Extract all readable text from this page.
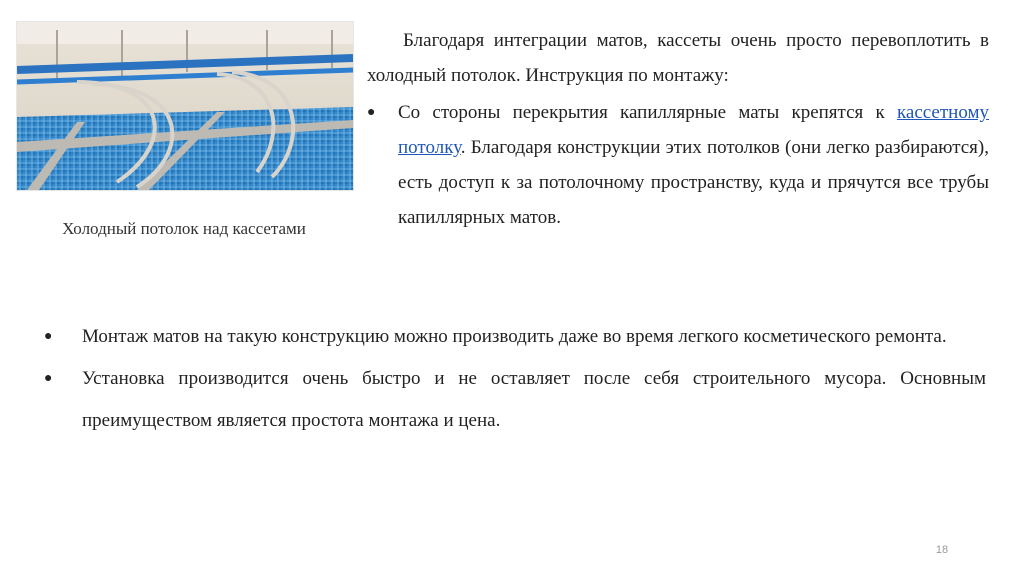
Холодный потолок над кассетами

Благодаря интеграции матов, кассеты очень просто перевоплотить в холодный потолок. Инструкция по монтажу:

● Со стороны перекрытия капиллярные маты крепятся к кассетному потолку. Благодаря конструкции этих потолков (они легко разбираются), есть доступ к за потолочному пространству, куда и прячутся все трубы капиллярных матов.

● Монтаж матов на такую конструкцию можно производить даже во время легкого косметического ремонта.

● Установка производится очень быстро и не оставляет после себя строительного мусора. Основным преимуществом является простота монтажа и цена.

18
